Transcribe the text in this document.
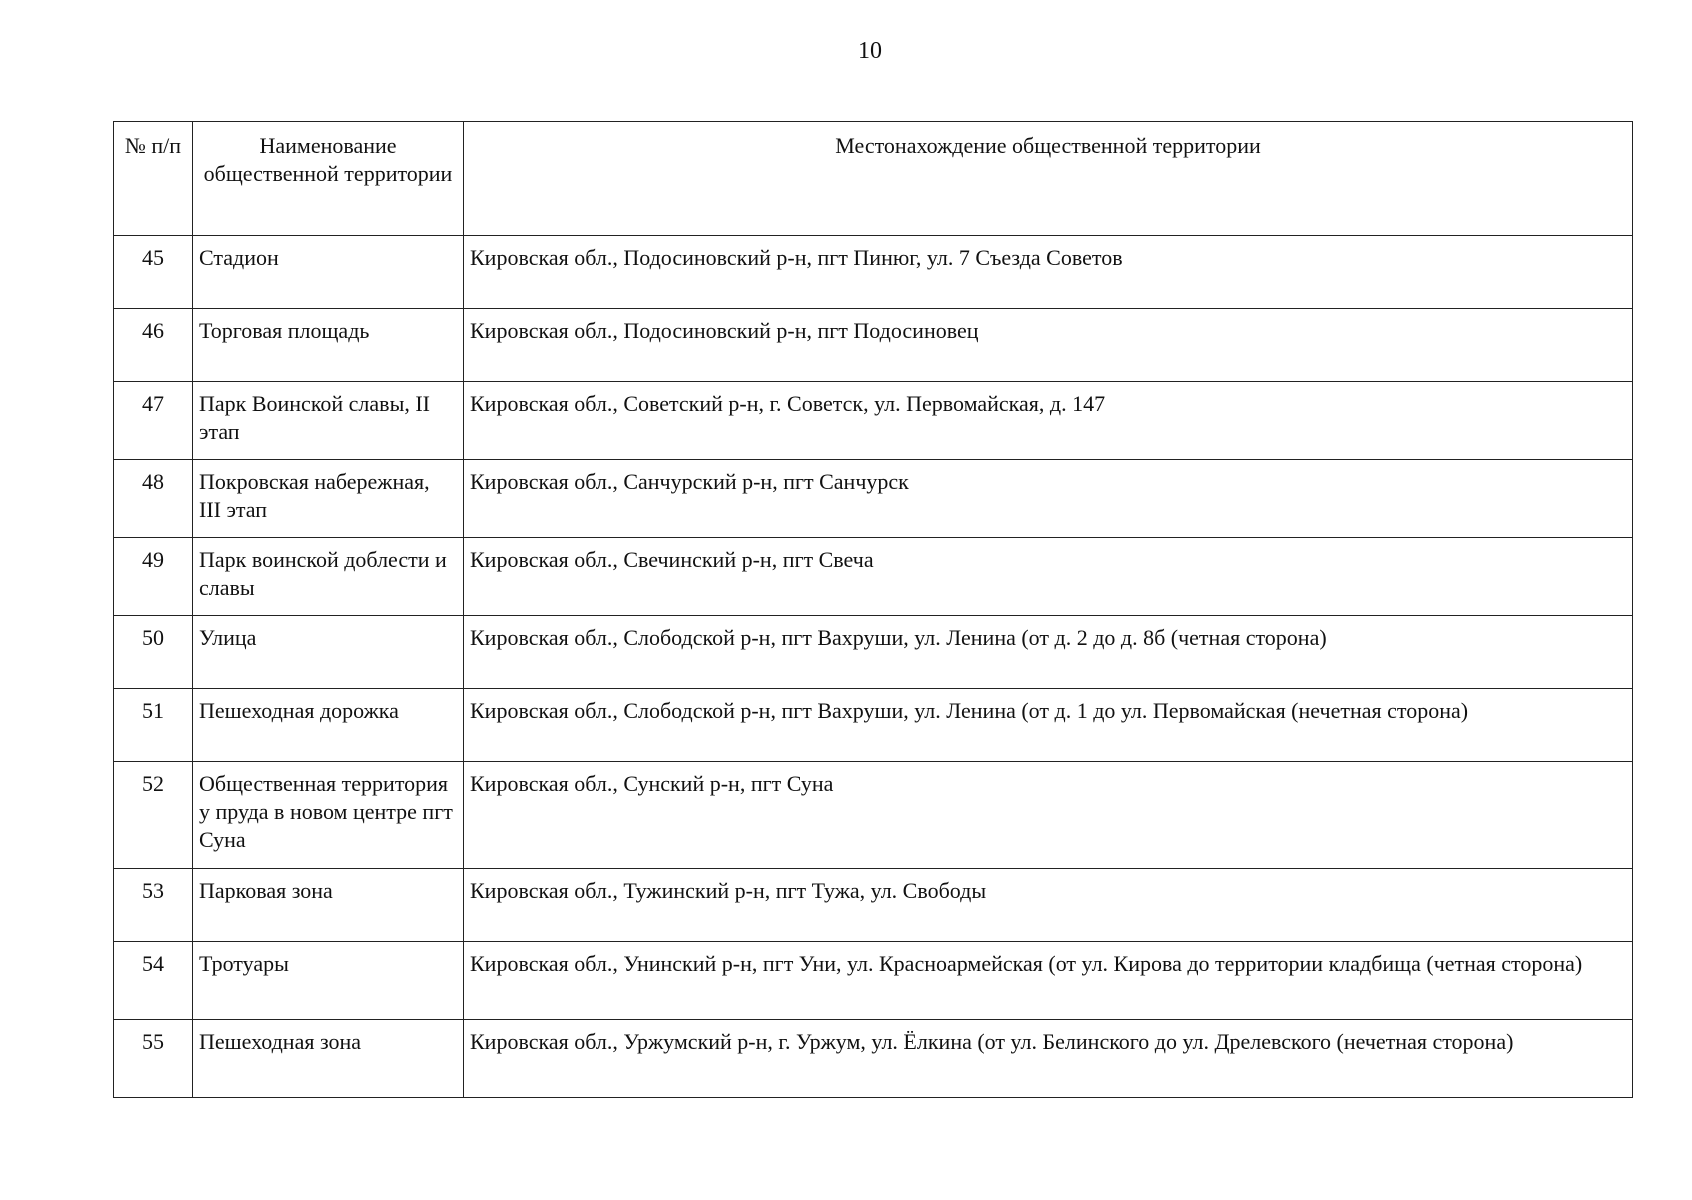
10
№ п/п	Наименование общественной территории	Местонахождение общественной территории
45	Стадион	Кировская обл., Подосиновский р-н, пгт Пинюг, ул. 7 Съезда Советов
46	Торговая площадь	Кировская обл., Подосиновский р-н, пгт Подосиновец
47	Парк Воинской славы, II этап	Кировская обл., Советский р-н, г. Советск, ул. Первомайская, д. 147
48	Покровская набережная, III этап	Кировская обл., Санчурский р-н, пгт Санчурск
49	Парк воинской доблести и славы	Кировская обл., Свечинский р-н, пгт Свеча
50	Улица	Кировская обл., Слободской р-н, пгт Вахруши, ул. Ленина (от д. 2 до д. 8б (четная сторона)
51	Пешеходная дорожка	Кировская обл., Слободской р-н, пгт Вахруши, ул. Ленина (от д. 1 до ул. Первомайская (нечетная сторона)
52	Общественная территория у пруда в новом центре пгт Суна	Кировская обл., Сунский р-н, пгт Суна
53	Парковая зона	Кировская обл., Тужинский р-н, пгт Тужа, ул. Свободы
54	Тротуары	Кировская обл., Унинский р-н, пгт Уни, ул. Красноармейская (от ул. Кирова до территории кладбища (четная сторона)
55	Пешеходная зона	Кировская обл., Уржумский р-н, г. Уржум, ул. Ёлкина (от ул. Белинского до ул. Дрелевского (нечетная сторона)
